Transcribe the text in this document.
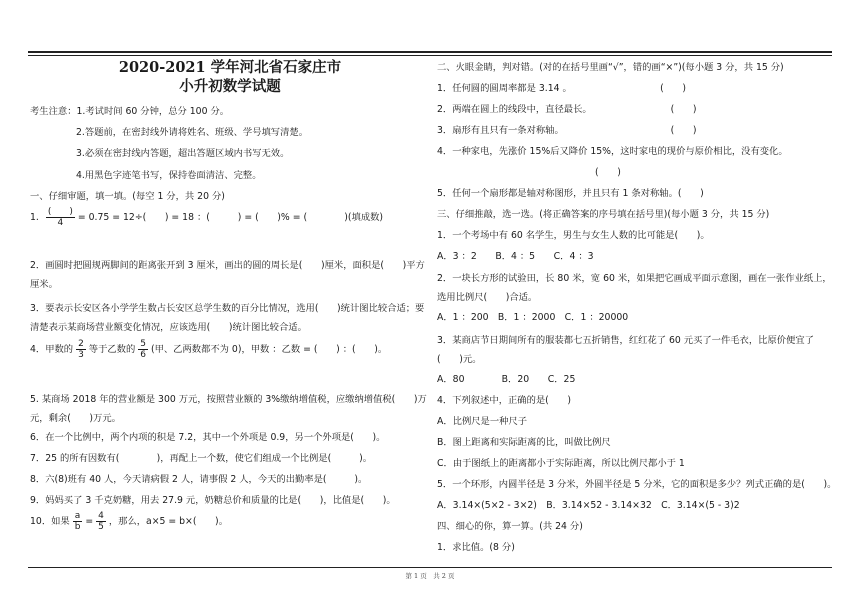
2020-2021 学年河北省石家庄市
小升初数学试题
考生注意：1.考试时间 60 分钟，总分 100 分。
2.答题前，在密封线外请将姓名、班级、学号填写清楚。
3.必须在密封线内答题，超出答题区域内书写无效。
4.用黑色字迹笔书写，保持卷面清洁、完整。
一、仔细审题，填一填。(每空 1 分，共 20 分)
1. $\frac{( )}{4} = 0.75 = 12\div$(　　) = 18 ：(　　　) = (　　)% = (　　　　)(填成数)
2．画圆时把圆规两脚间的距离张开到 3 厘米，画出的圆的周长是(　　)厘米，面积是(　　)平方厘米。
3．要表示长安区各小学学生数占长安区总学生数的百分比情况，选用(　　)统计图比较合适；要清楚表示某商场营业额变化情况，应该选用(　　)统计图比较合适。
4．甲数的 $\frac{2}{3}$ 等于乙数的 $\frac{5}{6}$ (甲、乙两数都不为 0)，甲数 ：乙数 = (　　) ：(　　)。
5. 某商场 2018 年的营业额是 300 万元，按照营业额的 3%缴纳增值税，应缴纳增值税(　　)万元，剩余(　　)万元。
6．在一个比例中，两个内项的积是 7.2，其中一个外项是 0.9，另一个外项是(　　)。
7．25 的所有因数有(　　　　)，再配上一个数，使它们组成一个比例是(　　　)。
8．六(8)班有 40 人，今天请病假 2 人，请事假 2 人，今天的出勤率是(　　　)。
9．妈妈买了 3 千克奶糖，用去 27.9 元，奶糖总价和质量的比是(　　)，比值是(　　)。
10．如果 $\frac{a}{b} = \frac{4}{5}$ ，那么，a×5 = b×(　　)。
二、火眼金睛，判对错。(对的在括号里画“√”，错的画“×”)(每小题 3 分，共 15 分)
1．任何圆的圆周率都是 3.14 。　　　　　　　　　　(　　)
2．两端在圆上的线段中，直径最长。　　　　　　　　　(　　)
3．扇形有且只有一条对称轴。　　　　　　　　　　　　(　　)
4．一种家电，先涨价 15%后又降价 15%，这时家电的现价与原价相比，没有变化。
(　　)
5．任何一个扇形都是轴对称图形，并且只有 1 条对称轴。(　　)
三、仔细推敲，选一选。(将正确答案的序号填在括号里)(每小题 3 分，共 15 分)
1．一个考场中有 60 名学生，男生与女生人数的比可能是(　　)。
A．3 ：2　　B．4 ：5　　C．4 ：3
2．一块长方形的试验田，长 80 米，宽 60 米，如果把它画成平面示意图，画在一张作业纸上，选用比例尺(　　)合适。
A．1 ：200　B．1 ：2000　C．1 ：20000
3．某商店节日期间所有的服装都七五折销售，红红花了 60 元买了一件毛衣，比原价便宜了(　　)元。
A．80　　　　B．20　　C．25
4．下列叙述中，正确的是(　　)
A．比例尺是一种尺子
B．图上距离和实际距离的比，叫做比例尺
C．由于图纸上的距离都小于实际距离，所以比例尺都小于 1
5．一个环形，内圆半径是 3 分米，外圆半径是 5 分米，它的面积是多少？列式正确的是(　　)。
A．3.14×(5×2 - 3×2)　B．3.14×52 - 3.14×32　C．3.14×(5 - 3)2
四、细心的你，算一算。(共 24 分)
1．求比值。(8 分)
第 1 页　共 2 页
